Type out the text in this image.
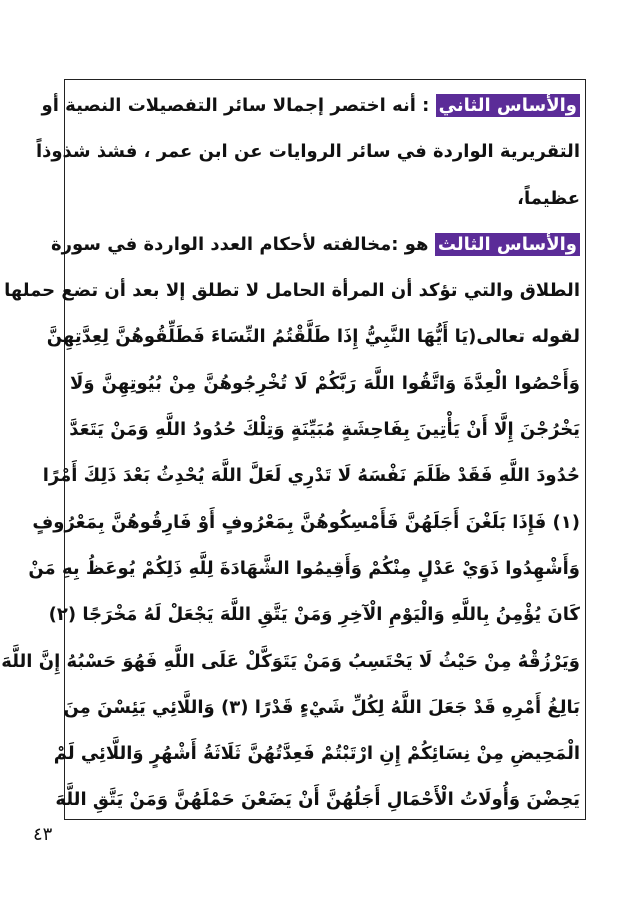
والأساس الثاني : أنه اختصر إجمالا سائر التفصيلات النصية أو
التقريرية الواردة في سائر الروايات عن ابن عمر ، فشذ شذوذاً
عظيماً،
والأساس الثالث هو :مخالفته لأحكام العدد الواردة في سورة
الطلاق والتي تؤكد أن المرأة الحامل لا تطلق إلا بعد أن تضع حملها
لقوله تعالى(يَا أَيُّهَا النَّبِيُّ إِذَا طَلَّقْتُمُ النِّسَاءَ فَطَلِّقُوهُنَّ لِعِدَّتِهِنَّ
وَأَحْصُوا الْعِدَّةَ وَاتَّقُوا اللَّهَ رَبَّكُمْ لَا تُخْرِجُوهُنَّ مِنْ بُيُوتِهِنَّ وَلَا
يَخْرُجْنَ إِلَّا أَنْ يَأْتِينَ بِفَاحِشَةٍ مُبَيِّنَةٍ وَتِلْكَ حُدُودُ اللَّهِ وَمَنْ يَتَعَدَّ
حُدُودَ اللَّهِ فَقَدْ ظَلَمَ نَفْسَهُ لَا تَدْرِي لَعَلَّ اللَّهَ يُحْدِثُ بَعْدَ ذَلِكَ أَمْرًا
(١) فَإِذَا بَلَغْنَ أَجَلَهُنَّ فَأَمْسِكُوهُنَّ بِمَعْرُوفٍ أَوْ فَارِقُوهُنَّ بِمَعْرُوفٍ
وَأَشْهِدُوا ذَوَيْ عَدْلٍ مِنْكُمْ وَأَقِيمُوا الشَّهَادَةَ لِلَّهِ ذَلِكُمْ يُوعَظُ بِهِ مَنْ
كَانَ يُؤْمِنُ بِاللَّهِ وَالْيَوْمِ الْآخِرِ وَمَنْ يَتَّقِ اللَّهَ يَجْعَلْ لَهُ مَخْرَجًا (٢)
وَيَرْزُقْهُ مِنْ حَيْثُ لَا يَحْتَسِبُ وَمَنْ يَتَوَكَّلْ عَلَى اللَّهِ فَهُوَ حَسْبُهُ إِنَّ اللَّهَ
بَالِغُ أَمْرِهِ قَدْ جَعَلَ اللَّهُ لِكُلِّ شَيْءٍ قَدْرًا (٣) وَاللَّائِي يَئِسْنَ مِنَ
الْمَحِيضِ مِنْ نِسَائِكُمْ إِنِ ارْتَبْتُمْ فَعِدَّتُهُنَّ ثَلَاثَةُ أَشْهُرٍ وَاللَّائِي لَمْ
يَحِضْنَ وَأُولَاتُ الْأَحْمَالِ أَجَلُهُنَّ أَنْ يَضَعْنَ حَمْلَهُنَّ وَمَنْ يَتَّقِ اللَّهَ
٤٣
